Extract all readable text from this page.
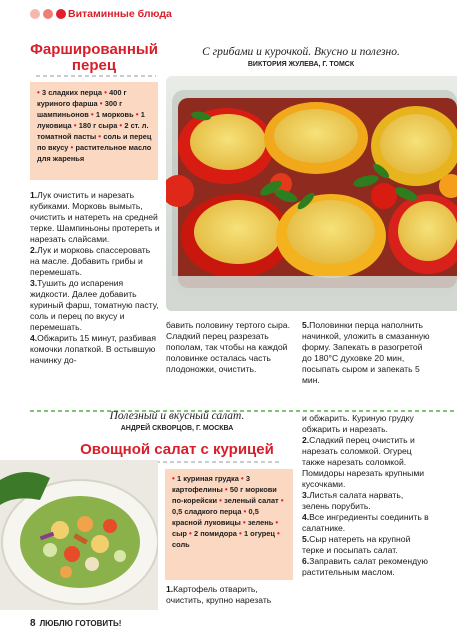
Витаминные блюда
Фаршированный перец
С грибами и курочкой. Вкусно и полезно.
ВИКТОРИЯ ЖУЛЕВА, Г. ТОМСК
• 3 сладких перца • 400 г куриного фарша • 300 г шампиньонов • 1 морковь • 1 луковица • 180 г сыра • 2 ст. л. томатной пасты • соль и перец по вкусу • растительное масло для жаренья
1.Лук очистить и нарезать кубиками. Морковь вымыть, очистить и натереть на средней терке. Шампиньоны протереть и нарезать слайсами.
2.Лук и морковь спассеровать на масле. Добавить грибы и перемешать.
3.Тушить до испарения жидкости. Далее добавить куриный фарш, томатную пасту, соль и перец по вкусу и перемешать.
4.Обжарить 15 минут, разбивая комочки лопаткой. В остывшую начинку до-
бавить половину тертого сыра. Сладкий перец разрезать пополам, так чтобы на каждой половинке осталась часть плодоножки, очистить.
5.Половинки перца наполнить начинкой, уложить в смазанную форму. Запекать в разогретой до 180°С духовке 20 мин, посыпать сыром и запекать 5 мин.
Полезный и вкусный салат.
АНДРЕЙ СКВОРЦОВ, Г. МОСКВА
Овощной салат с курицей
• 1 куриная грудка • 3 картофелины • 50 г моркови по-корейски • зеленый салат • 0,5 сладкого перца • 0,5 красной луковицы • зелень • сыр • 2 помидора • 1 огурец • соль
1.Картофель отварить, очистить, крупно нарезать
и обжарить. Куриную грудку обжарить и нарезать.
2.Сладкий перец очистить и нарезать соломкой. Огурец также нарезать соломкой. Помидоры нарезать крупными кусочками.
3.Листья салата нарвать, зелень порубить.
4.Все ингредиенты соединить в салатнике.
5.Сыр натереть на крупной терке и посыпать салат.
6.Заправить салат рекомендую растительным маслом.
8 ЛЮБЛЮ ГОТОВИТЬ!
